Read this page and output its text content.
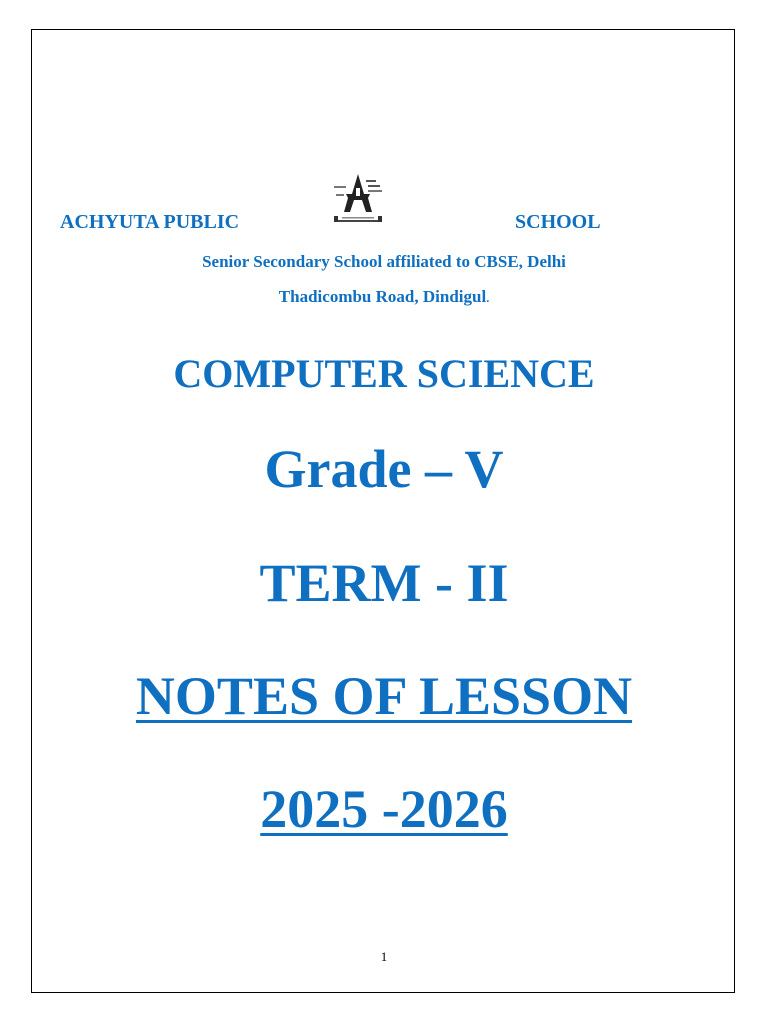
ACHYUTA PUBLIC	SCHOOL
Senior Secondary School affiliated to CBSE, Delhi
Thadicombu Road, Dindigul.
COMPUTER SCIENCE
Grade – V
TERM - II
NOTES OF LESSON
2025 -2026
1
